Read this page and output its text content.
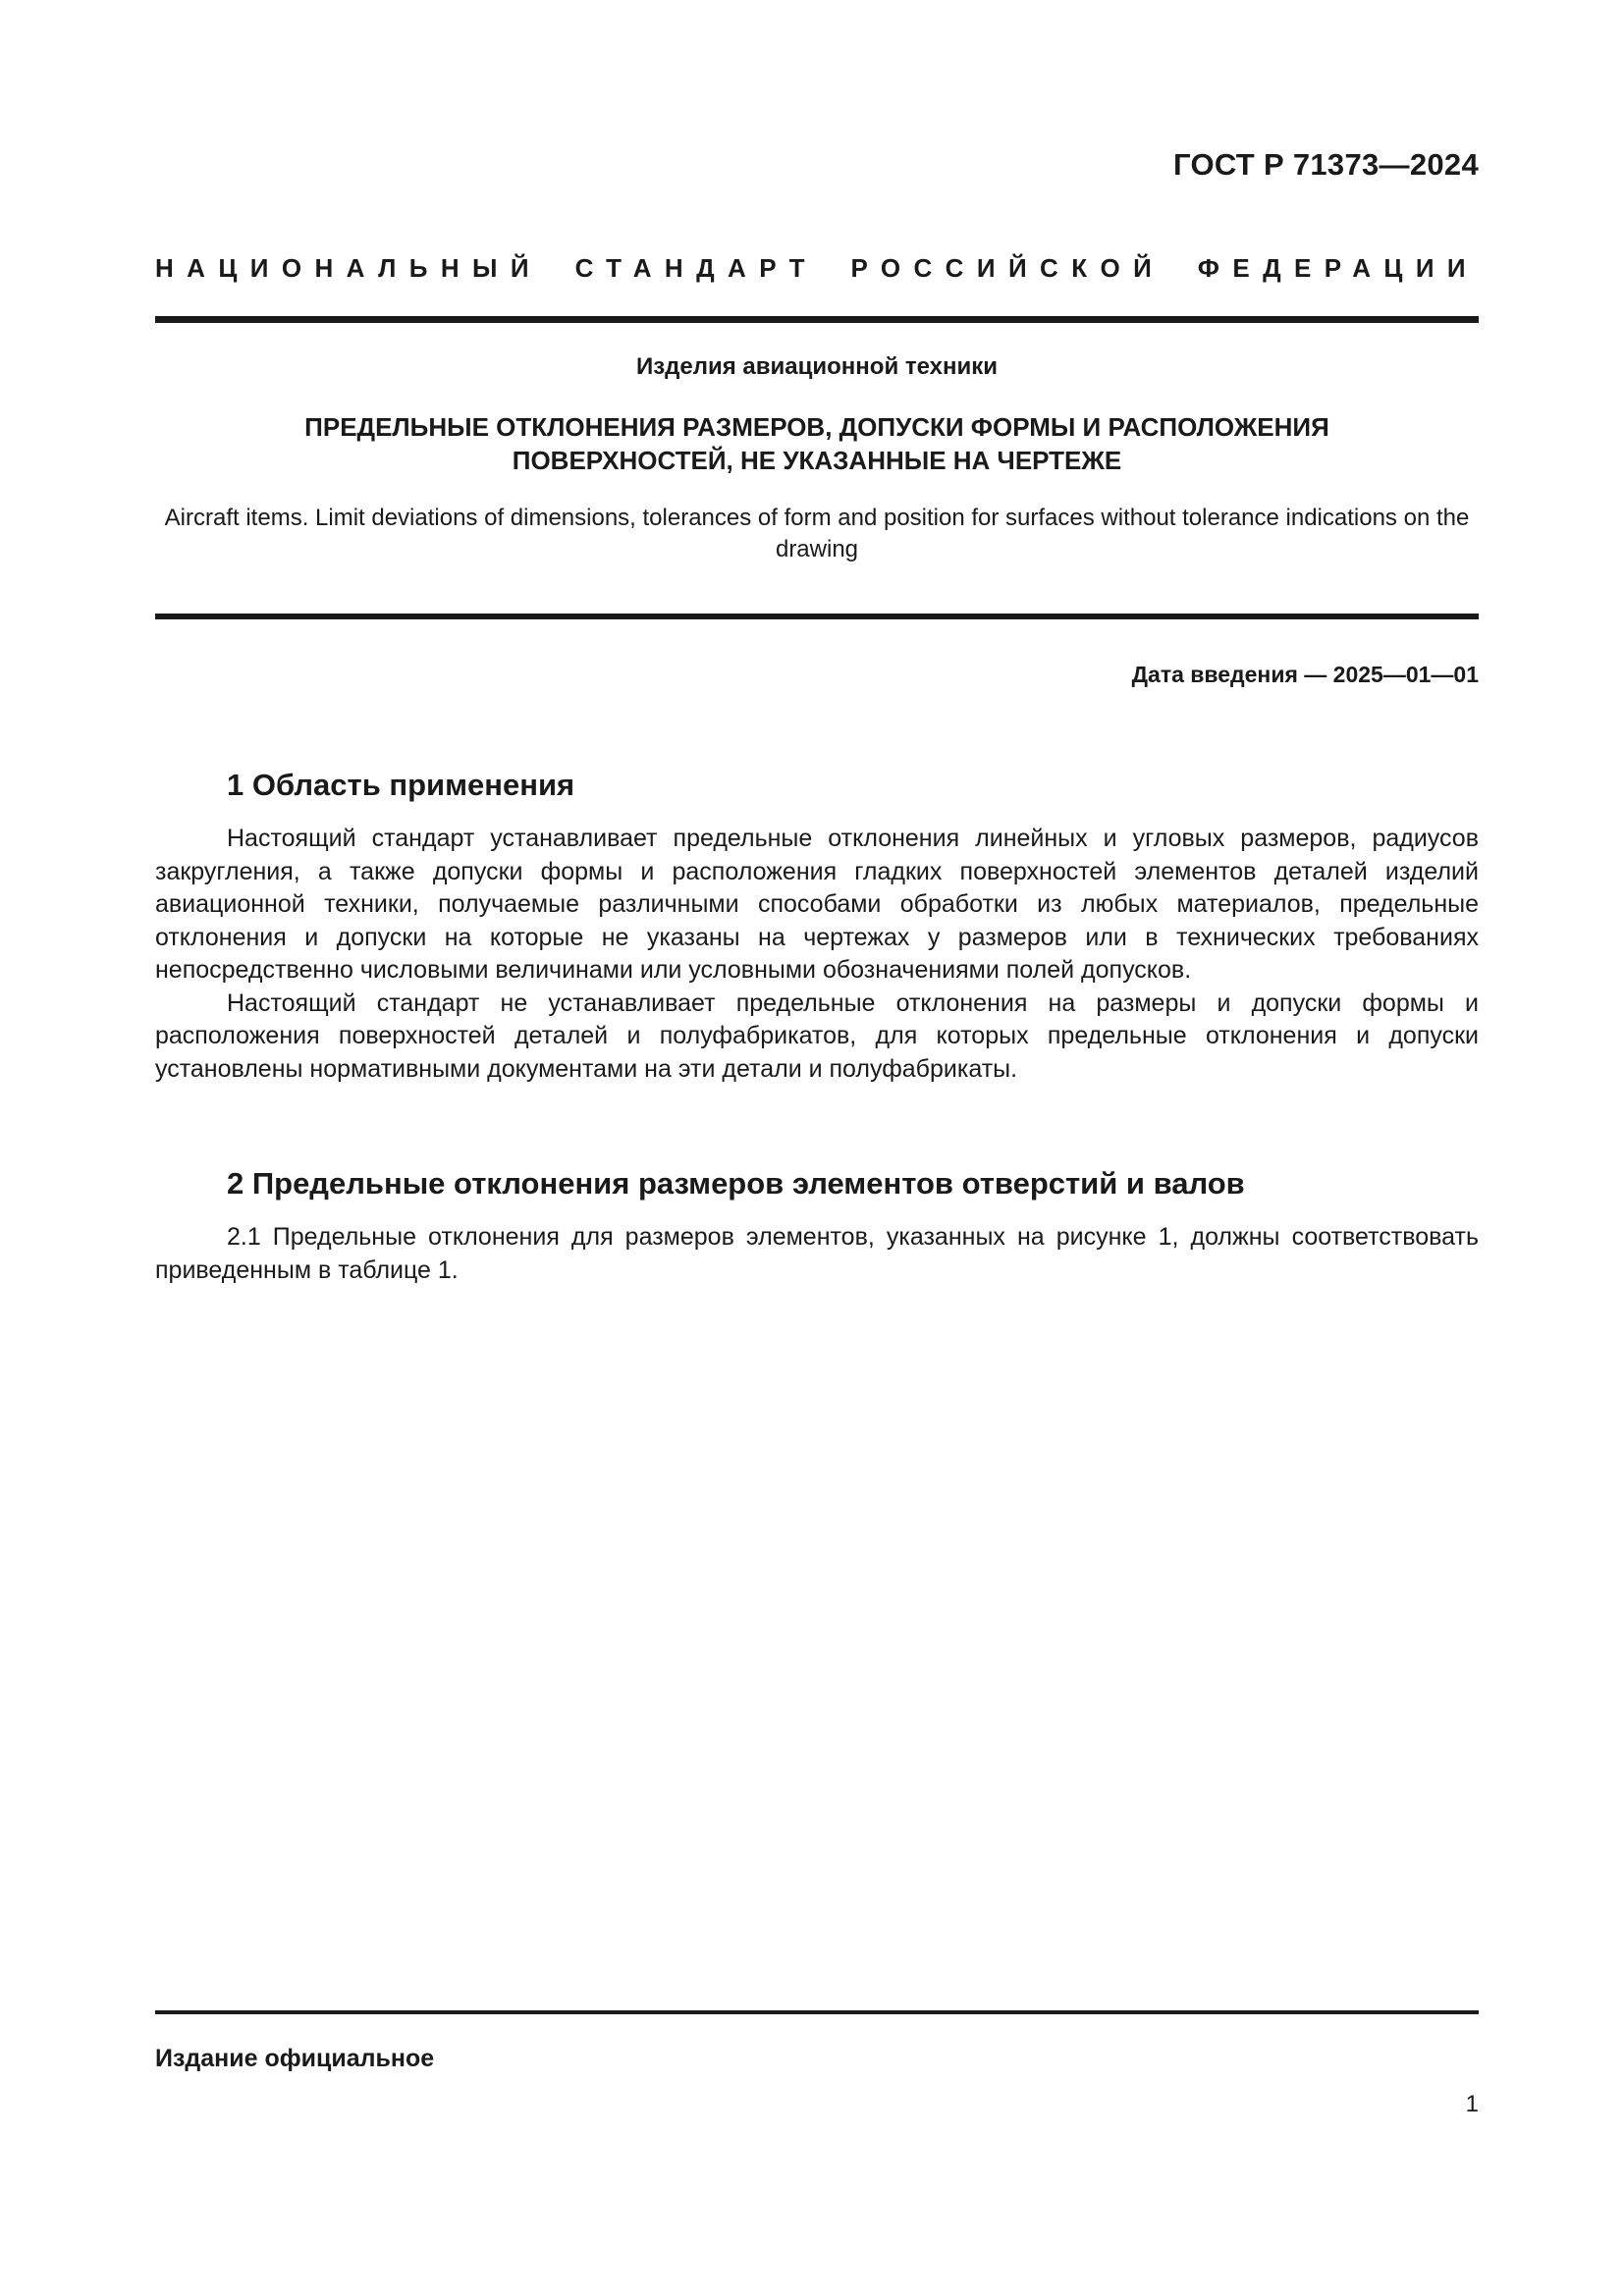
ГОСТ Р 71373—2024
НАЦИОНАЛЬНЫЙ СТАНДАРТ РОССИЙСКОЙ ФЕДЕРАЦИИ

Изделия авиационной техники

ПРЕДЕЛЬНЫЕ ОТКЛОНЕНИЯ РАЗМЕРОВ, ДОПУСКИ ФОРМЫ И РАСПОЛОЖЕНИЯ ПОВЕРХНОСТЕЙ, НЕ УКАЗАННЫЕ НА ЧЕРТЕЖЕ

Aircraft items. Limit deviations of dimensions, tolerances of form and position for surfaces without tolerance indications on the drawing

Дата введения — 2025—01—01
1 Область применения

Настоящий стандарт устанавливает предельные отклонения линейных и угловых размеров, радиусов закругления, а также допуски формы и расположения гладких поверхностей элементов деталей изделий авиационной техники, получаемые различными способами обработки из любых материалов, предельные отклонения и допуски на которые не указаны на чертежах у размеров или в технических требованиях непосредственно числовыми величинами или условными обозначениями полей допусков.

Настоящий стандарт не устанавливает предельные отклонения на размеры и допуски формы и расположения поверхностей деталей и полуфабрикатов, для которых предельные отклонения и допуски установлены нормативными документами на эти детали и полуфабрикаты.

2 Предельные отклонения размеров элементов отверстий и валов

2.1 Предельные отклонения для размеров элементов, указанных на рисунке 1, должны соответствовать приведенным в таблице 1.

Издание официальное
1
